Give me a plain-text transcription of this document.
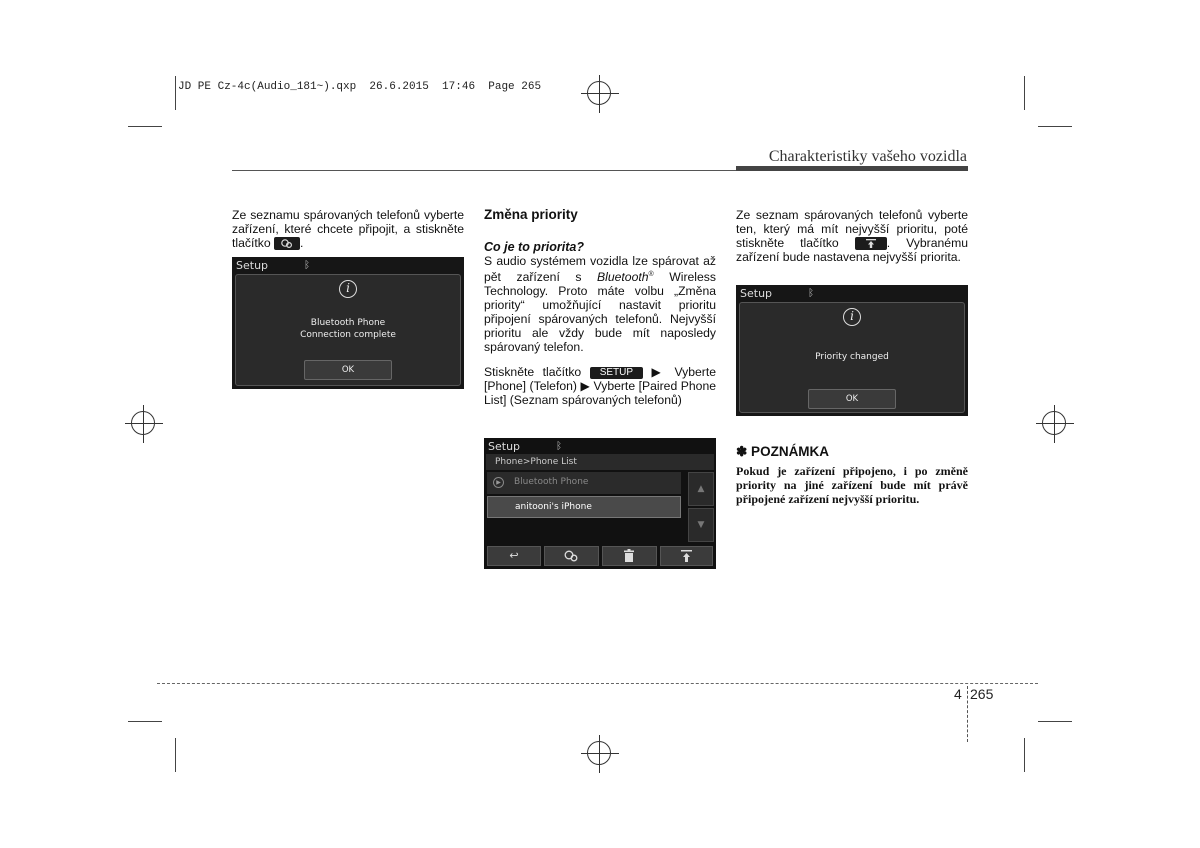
JD PE Cz-4c(Audio_181~).qxp  26.6.2015  17:46  Page 265
Charakteristiky vašeho vozidla

Ze seznamu spárovaných telefonů vyberte zařízení, které chcete připojit, a stiskněte tlačítko .

Setup	ᛒ
i
Bluetooth Phone
Connection complete
OK

Změna priority

Co je to priorita?

S audio systémem vozidla lze spárovat až pět zařízení s Bluetooth® Wireless Technology. Proto máte volbu „Změna priority“ umožňující nastavit prioritu připojení spárovaných telefonů. Nejvyšší prioritu ale vždy bude mít naposledy spárovaný telefon.

Stiskněte tlačítko SETUP ▶ Vyberte [Phone] (Telefon) ▶ Vyberte [Paired Phone List] (Seznam spárovaných telefonů)

Setup	ᛒ
Phone>Phone List
▶	Bluetooth Phone
anitooni's iPhone
▲
▼
↩

Ze seznam spárovaných telefonů vyberte ten, který má mít nejvyšší prioritu, poté stiskněte tlačítko	. Vybranému zařízení bude nastavena nejvyšší priorita.

Setup	ᛒ
i
Priority changed
OK

✽ POZNÁMKA

Pokud je zařízení připojeno, i po změně priority na jiné zařízení bude mít právě připojené zařízení nejvyšší prioritu.

4 265
